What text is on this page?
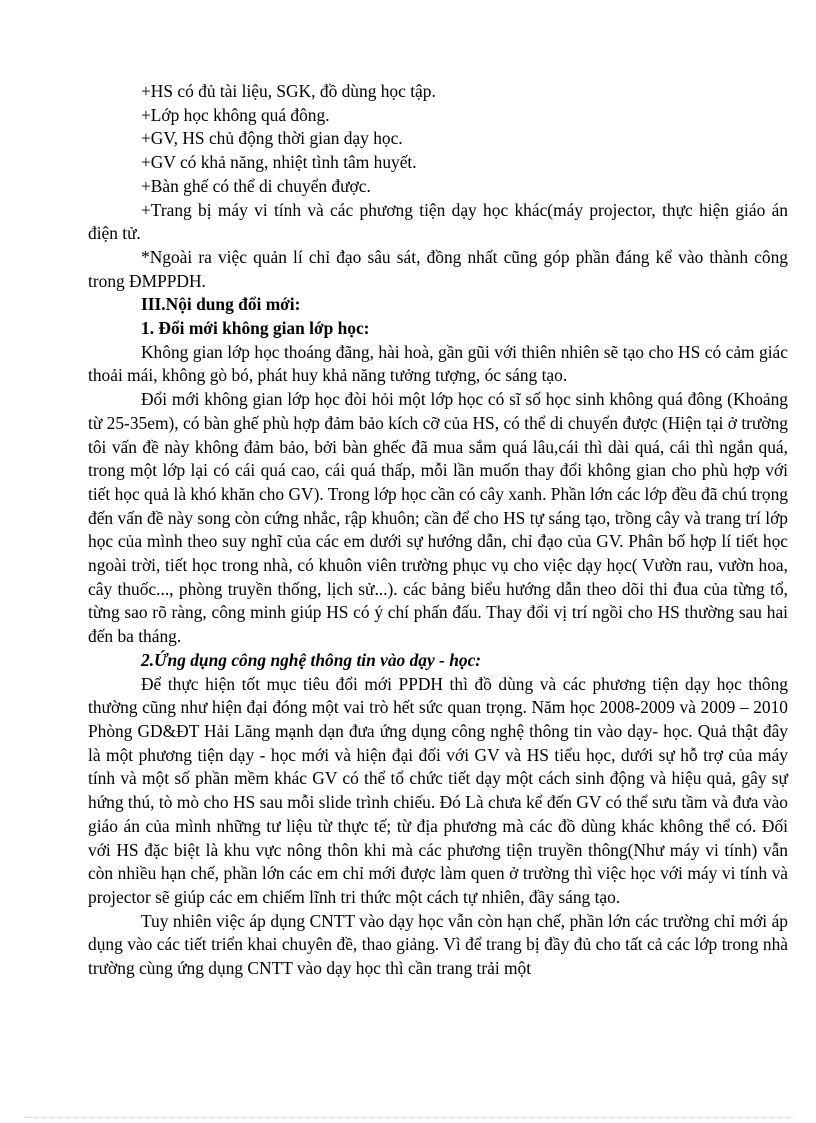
+HS có đủ tài liệu, SGK, đồ dùng học tập.

+Lớp học không quá đông.

+GV, HS chủ động thời gian dạy học.

+GV có khả năng, nhiệt tình tâm huyết.

+Bàn ghế có thể di chuyển được.

+Trang bị máy vi tính và các phương tiện dạy học khác(máy projector, thực hiện giáo án điện tử.

*Ngoài ra việc quản lí chỉ đạo sâu sát, đồng nhất cũng góp phần đáng kể vào thành công trong ĐMPPDH.

III.Nội dung đổi mới:

1. Đổi mới không gian lớp học:

Không gian lớp học thoáng đãng, hài hoà, gần gũi với thiên nhiên sẽ tạo cho HS có cảm giác thoải mái, không gò bó, phát huy khả năng tưởng tượng, óc sáng tạo.

Đổi mới không gian lớp học đòi hỏi một lớp học có sĩ số học sinh không quá đông (Khoảng từ 25-35em), có bàn ghế phù hợp đảm bảo kích cỡ của HS, có thể di chuyển được (Hiện tại ở trường tôi vấn đề này không đảm bảo, bởi bàn ghếc đã mua sắm quá lâu,cái thì dài quá, cái thì ngắn quá, trong một lớp lại có cái quá cao, cái quá thấp, mỗi lần muốn thay đổi không gian cho phù hợp với tiết học quả là khó khăn cho GV). Trong lớp học cần có cây xanh. Phần lớn các lớp đều đã chú trọng đến vấn đề này song còn cứng nhắc, rập khuôn; cần để cho HS tự sáng tạo, trồng cây và trang trí lớp học của mình theo suy nghĩ của các em dưới sự hướng dẫn, chỉ đạo của GV. Phân bố hợp lí tiết học ngoài trời, tiết học trong nhà, có khuôn viên trường phục vụ cho việc dạy học( Vườn rau, vườn hoa, cây thuốc..., phòng truyền thống, lịch sử...). các bảng biểu hướng dẫn theo dõi thi đua của từng tổ, từng sao rõ ràng, công minh giúp HS có ý chí phấn đấu. Thay đổi vị trí ngồi cho HS thường sau hai đến ba tháng.

2.Ứng dụng công nghệ thông tin vào dạy - học:

Để thực hiện tốt mục tiêu đổi mới PPDH thì đồ dùng và các phương tiện dạy học thông thường cũng như hiện đại đóng một vai trò hết sức quan trọng. Năm học 2008-2009 và 2009 – 2010 Phòng GD&ĐT Hải Lăng mạnh dạn đưa ứng dụng công nghệ thông tin vào dạy- học. Quả thật đây là một phương tiện dạy - học mới và hiện đại đối với GV và HS tiểu học, dưới sự hỗ trợ của máy tính và một số phần mềm khác GV có thể tổ chức tiết dạy một cách sinh động và hiệu quả, gây sự hứng thú, tò mò cho HS sau mỗi slide trình chiếu. Đó Là chưa kể đến GV có thể sưu tầm và đưa vào giáo án của mình những tư liệu từ thực tế; từ địa phương mà các đồ dùng khác không thể có. Đối với HS đặc biệt là khu vực nông thôn khi mà các phương tiện truyền thông(Như máy vi tính) vẫn còn nhiều hạn chế, phần lớn các em chỉ mới được làm quen ở trường thì việc học với máy vi tính và projector sẽ giúp các em chiếm lĩnh tri thức một cách tự nhiên, đầy sáng tạo.

Tuy nhiên việc áp dụng CNTT vào dạy học vẫn còn hạn chế, phần lớn các trường chỉ mới áp dụng vào các tiết triển khai chuyên đề, thao giảng. Vì để trang bị đầy đủ cho tất cả các lớp trong nhà trường cùng ứng dụng CNTT vào dạy học thì cần trang trải một
